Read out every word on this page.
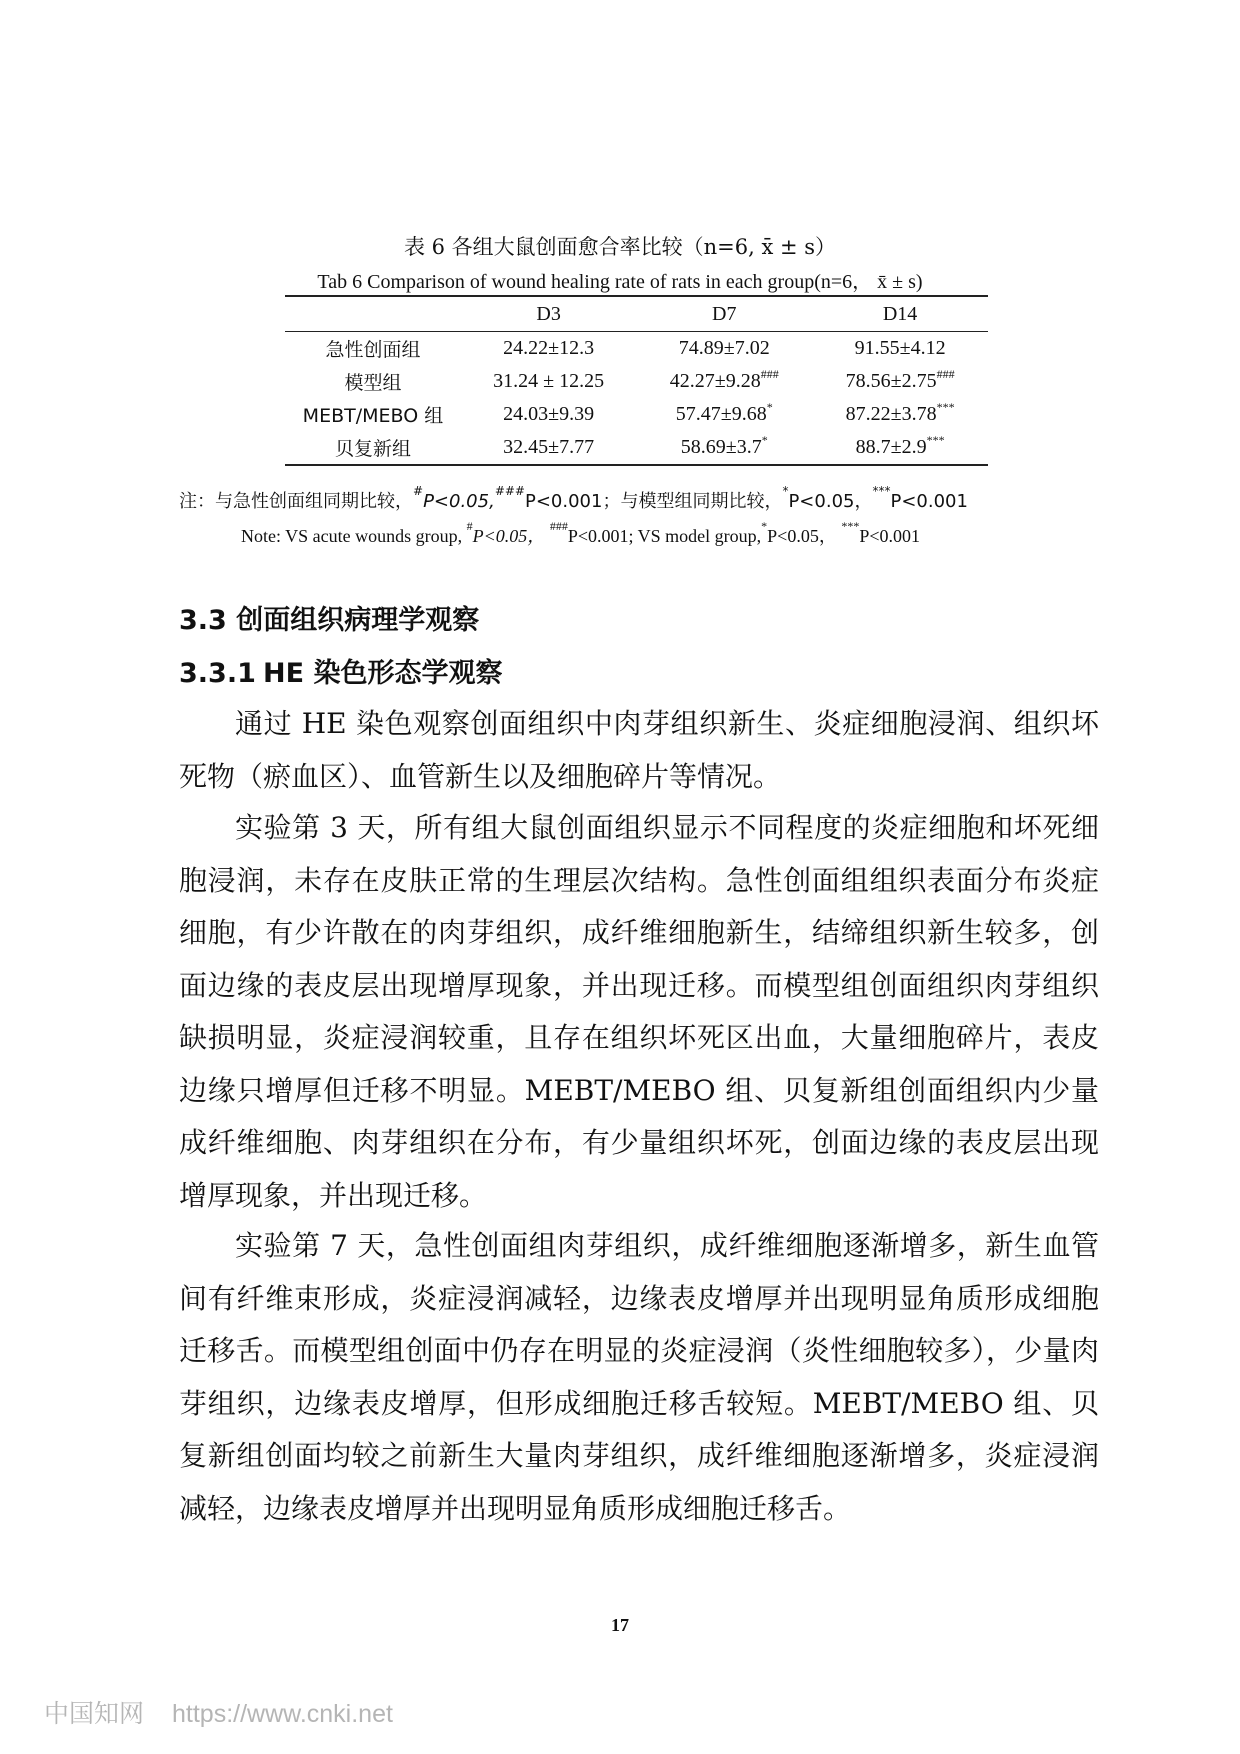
表 6 各组大鼠创面愈合率比较（n=6, x̄ ± s）
Tab 6 Comparison of wound healing rate of rats in each group(n=6， x̄ ± s)
	D3	D7	D14
急性创面组	24.22±12.3	74.89±7.02	91.55±4.12
模型组	31.24 ± 12.25	42.27±9.28###	78.56±2.75###
MEBT/MEBO 组	24.03±9.39	57.47±9.68*	87.22±3.78***
贝复新组	32.45±7.77	58.69±3.7*	88.7±2.9***
注：与急性创面组同期比较，#P<0.05,###P<0.001；与模型组同期比较，*P<0.05，***P<0.001
Note: VS acute wounds group, #P<0.05， ###P<0.001; VS model group,*P<0.05， ***P<0.001
3.3 创面组织病理学观察
3.3.1 HE 染色形态学观察
通过 HE 染色观察创面组织中肉芽组织新生、炎症细胞浸润、组织坏死物（瘀血区）、血管新生以及细胞碎片等情况。
实验第 3 天，所有组大鼠创面组织显示不同程度的炎症细胞和坏死细胞浸润，未存在皮肤正常的生理层次结构。急性创面组组织表面分布炎症细胞，有少许散在的肉芽组织，成纤维细胞新生，结缔组织新生较多，创面边缘的表皮层出现增厚现象，并出现迁移。而模型组创面组织肉芽组织缺损明显，炎症浸润较重，且存在组织坏死区出血，大量细胞碎片，表皮边缘只增厚但迁移不明显。MEBT/MEBO 组、贝复新组创面组织内少量成纤维细胞、肉芽组织在分布，有少量组织坏死，创面边缘的表皮层出现增厚现象，并出现迁移。
实验第 7 天，急性创面组肉芽组织，成纤维细胞逐渐增多，新生血管间有纤维束形成，炎症浸润减轻，边缘表皮增厚并出现明显角质形成细胞迁移舌。而模型组创面中仍存在明显的炎症浸润（炎性细胞较多），少量肉芽组织，边缘表皮增厚，但形成细胞迁移舌较短。MEBT/MEBO 组、贝复新组创面均较之前新生大量肉芽组织，成纤维细胞逐渐增多，炎症浸润减轻，边缘表皮增厚并出现明显角质形成细胞迁移舌。
17
中国知网 https://www.cnki.net
